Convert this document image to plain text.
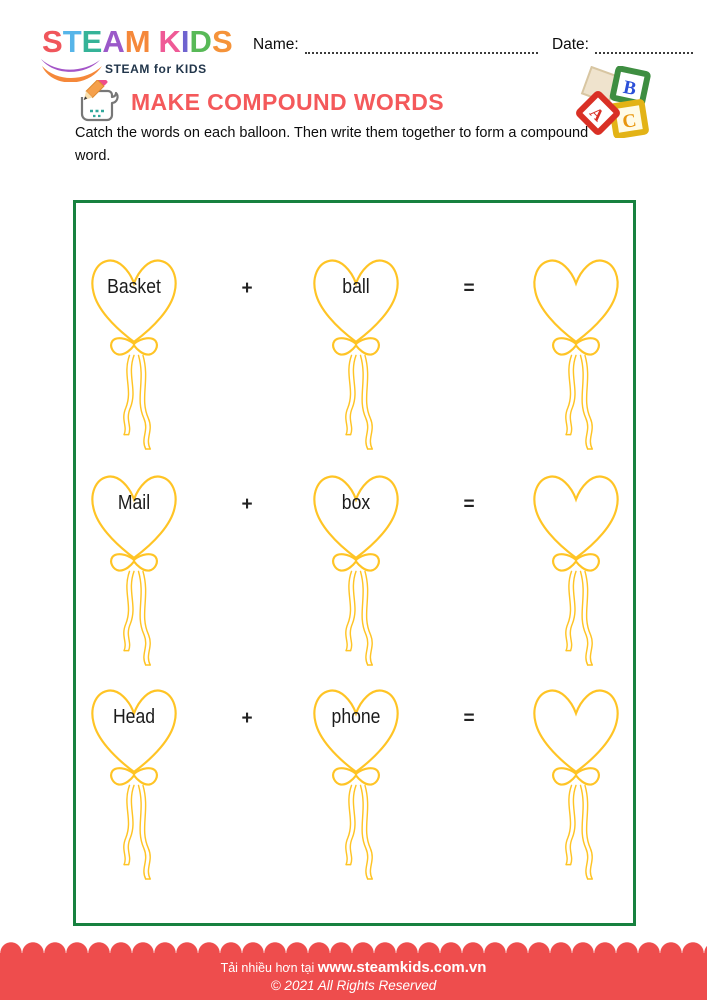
STEAM KIDS
STEAM for KIDS
Name:	Date:
MAKE COMPOUND WORDS
B
C
A
Catch the words on each balloon. Then write them together to form a compound word.
Basket	+	ball	=
Mail	+	box	=
Head	+	phone	=
Tải nhiều hơn tại www.steamkids.com.vn
© 2021 All Rights Reserved
